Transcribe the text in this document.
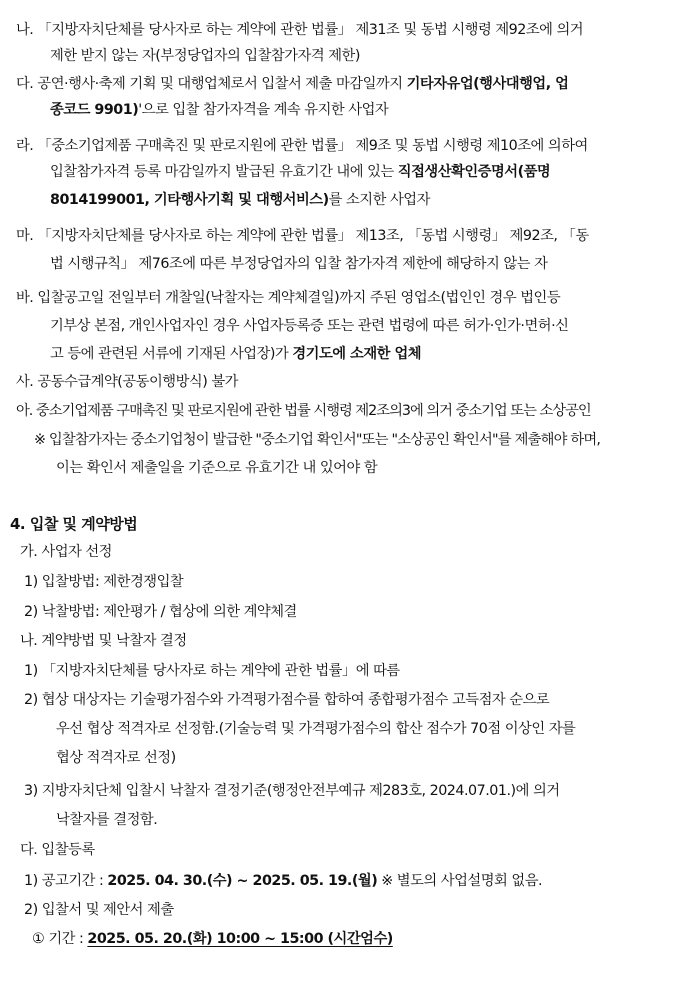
나. 「지방자치단체를 당사자로 하는 계약에 관한 법률」 제31조 및 동법 시행령 제92조에 의거
제한 받지 않는 자(부정당업자의 입찰참가자격 제한)
다. 공연·행사·축제 기획 및 대행업체로서 입찰서 제출 마감일까지 기타자유업(행사대행업, 업
종코드 9901)'으로 입찰 참가자격을 계속 유지한 사업자
라. 「중소기업제품 구매촉진 및 판로지원에 관한 법률」 제9조 및 동법 시행령 제10조에 의하여
입찰참가자격 등록 마감일까지 발급된 유효기간 내에 있는 직접생산확인증명서(품명
8014199001, 기타행사기획 및 대행서비스)를 소지한 사업자
마. 「지방자치단체를 당사자로 하는 계약에 관한 법률」 제13조, 「동법 시행령」 제92조, 「동
법 시행규칙」 제76조에 따른 부정당업자의 입찰 참가자격 제한에 해당하지 않는 자
바. 입찰공고일 전일부터 개찰일(낙찰자는 계약체결일)까지 주된 영업소(법인인 경우 법인등
기부상 본점, 개인사업자인 경우 사업자등록증 또는 관련 법령에 따른 허가·인가·면허·신
고 등에 관련된 서류에 기재된 사업장)가 경기도에 소재한 업체
사. 공동수급계약(공동이행방식) 불가
아. 중소기업제품 구매촉진 및 판로지원에 관한 법률 시행령 제2조의3에 의거 중소기업 또는 소상공인
※ 입찰참가자는 중소기업청이 발급한 "중소기업 확인서"또는 "소상공인 확인서"를 제출해야 하며,
이는 확인서 제출일을 기준으로 유효기간 내 있어야 함
4. 입찰 및 계약방법
가. 사업자 선정
1) 입찰방법: 제한경쟁입찰
2) 낙찰방법: 제안평가 / 협상에 의한 계약체결
나. 계약방법 및 낙찰자 결정
1) 「지방자치단체를 당사자로 하는 계약에 관한 법률」에 따름
2) 협상 대상자는 기술평가점수와 가격평가점수를 합하여 종합평가점수 고득점자 순으로
우선 협상 적격자로 선정함.(기술능력 및 가격평가점수의 합산 점수가 70점 이상인 자를
협상 적격자로 선정)
3) 지방자치단체 입찰시 낙찰자 결정기준(행정안전부예규 제283호, 2024.07.01.)에 의거
낙찰자를 결정함.
다. 입찰등록
1) 공고기간 : 2025. 04. 30.(수) ~ 2025. 05. 19.(월) ※ 별도의 사업설명회 없음.
2) 입찰서 및 제안서 제출
① 기간 : 2025. 05. 20.(화) 10:00 ~ 15:00 (시간엄수)
